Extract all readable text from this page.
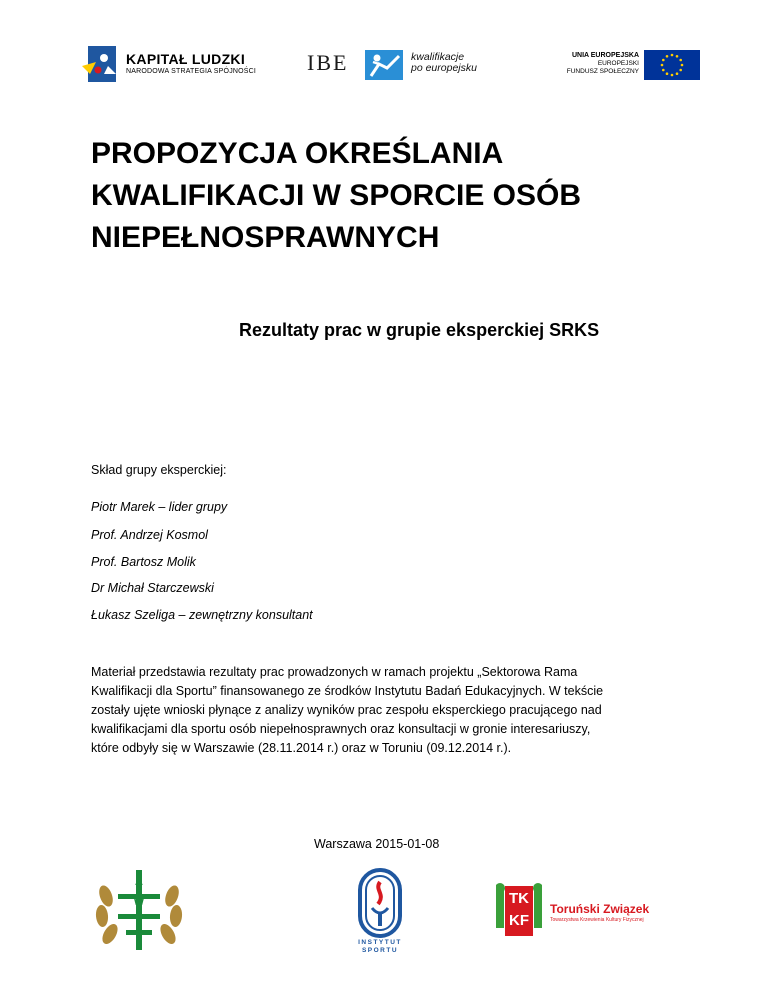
KAPITAŁ LUDZKI
NARODOWA STRATEGIA SPÓJNOŚCI IBE	kwalifikacje
po europejsku
UNIA EUROPEJSKA
EUROPEJSKI
FUNDUSZ SPOŁECZNY
PROPOZYCJA OKREŚLANIA
KWALIFIKACJI W SPORCIE OSÓB
NIEPEŁNOSPRAWNYCH
Rezultaty prac w grupie eksperckiej SRKS
Skład grupy eksperckiej:
Piotr Marek – lider grupy
Prof. Andrzej Kosmol
Prof. Bartosz Molik
Dr Michał Starczewski
Łukasz Szeliga – zewnętrzny konsultant
Materiał przedstawia rezultaty prac prowadzonych w ramach projektu „Sektorowa Rama
Kwalifikacji dla Sportu” finansowanego ze środków Instytutu Badań Edukacyjnych. W tekście
zostały ujęte wnioski płynące z analizy wyników prac zespołu eksperckiego pracującego nad
kwalifikacjami dla sportu osób niepełnosprawnych oraz konsultacji w gronie interesariuszy,
które odbyły się w Warszawie (28.11.2014 r.) oraz w Toruniu (09.12.2014 r.).
Warszawa 2015-01-08
A
W
F
INSTYTUT
SPORTU
TK
KF
Toruński Związek
Towarzystwa Krzewienia Kultury Fizycznej
